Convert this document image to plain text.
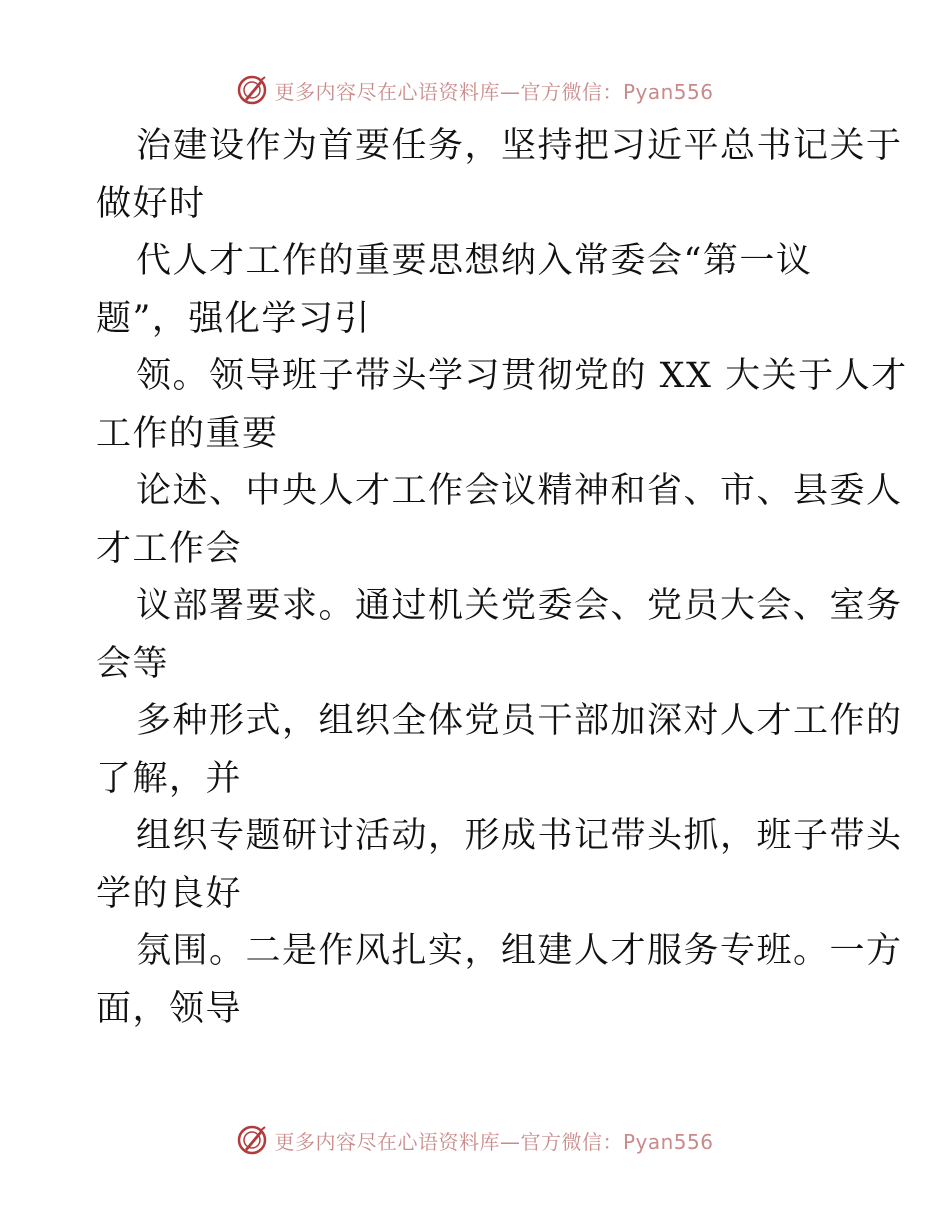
更多内容尽在心语资料库—官方微信：Pyan556
治建设作为首要任务，坚持把习近平总书记关于
做好时
代人才工作的重要思想纳入常委会“第一议
题”，强化学习引
领。领导班子带头学习贯彻党的 XX 大关于人才
工作的重要
论述、中央人才工作会议精神和省、市、县委人
才工作会
议部署要求。通过机关党委会、党员大会、室务
会等
多种形式，组织全体党员干部加深对人才工作的
了解，并
组织专题研讨活动，形成书记带头抓，班子带头
学的良好
氛围。二是作风扎实，组建人才服务专班。一方
面，领导
更多内容尽在心语资料库—官方微信：Pyan556
